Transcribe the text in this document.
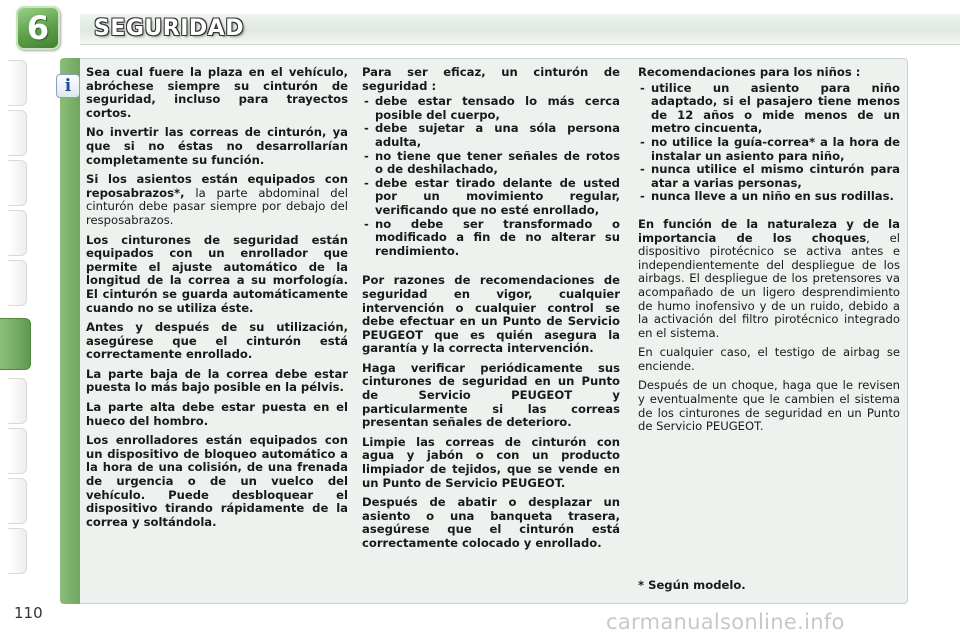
6	SEGURIDAD
i

Sea cual fuere la plaza en el vehículo, abróchese siempre su cinturón de seguridad, incluso para trayectos cortos.

No invertir las correas de cinturón, ya que si no éstas no desarrollarían completamente su función.

Si los asientos están equipados con reposabrazos*, la parte abdominal del cinturón debe pasar siempre por debajo del resposabrazos.

Los cinturones de seguridad están equipados con un enrollador que permite el ajuste automático de la longitud de la correa a su morfología. El cinturón se guarda automáticamente cuando no se utiliza éste.

Antes y después de su utilización, asegúrese que el cinturón está correctamente enrollado.

La parte baja de la correa debe estar puesta lo más bajo posible en la pélvis.

La parte alta debe estar puesta en el hueco del hombro.

Los enrolladores están equipados con un dispositivo de bloqueo automático a la hora de una colisión, de una frenada de urgencia o de un vuelco del vehículo. Puede desbloquear el dispositivo tirando rápidamente de la correa y soltándola.

Para ser eficaz, un cinturón de seguridad :

- debe estar tensado lo más cerca posible del cuerpo,
- debe sujetar a una sóla persona adulta,
- no tiene que tener señales de rotos o de deshilachado,
- debe estar tirado delante de usted por un movimiento regular, verificando que no esté enrollado,
- no debe ser transformado o modificado a fin de no alterar su rendimiento.

Por razones de recomendaciones de seguridad en vigor, cualquier intervención o cualquier control se debe efectuar en un Punto de Servicio PEUGEOT que es quién asegura la garantía y la correcta intervención.

Haga verificar periódicamente sus cinturones de seguridad en un Punto de Servicio PEUGEOT y particularmente si las correas presentan señales de deterioro.

Limpie las correas de cinturón con agua y jabón o con un producto limpiador de tejidos, que se vende en un Punto de Servicio PEUGEOT.

Después de abatir o desplazar un asiento o una banqueta trasera, asegúrese que el cinturón está correctamente colocado y enrollado.

Recomendaciones para los niños :

- utilice un asiento para niño adaptado, si el pasajero tiene menos de 12 años o mide menos de un metro cincuenta,
- no utilice la guía-correa* a la hora de instalar un asiento para niño,
- nunca utilice el mismo cinturón para atar a varias personas,
- nunca lleve a un niño en sus rodillas.

En función de la naturaleza y de la importancia de los choques, el dispositivo pirotécnico se activa antes e independientemente del despliegue de los airbags. El despliegue de los pretensores va acompañado de un ligero desprendimiento de humo inofensivo y de un ruido, debido a la activación del filtro pirotécnico integrado en el sistema.

En cualquier caso, el testigo de airbag se enciende.

Después de un choque, haga que le revisen y eventualmente que le cambien el sistema de los cinturones de seguridad en un Punto de Servicio PEUGEOT.

* Según modelo.
110	carmanualsonline.info
